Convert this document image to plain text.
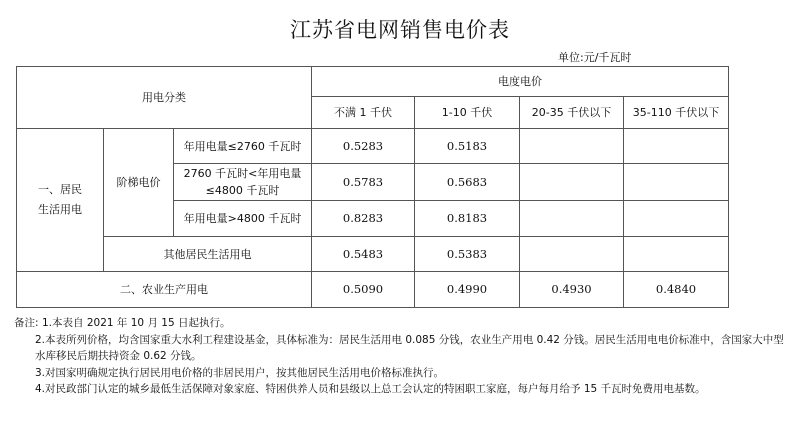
江苏省电网销售电价表
单位:元/千瓦时
用电分类			电度电价			
			不满 1 千伏	1-10 千伏	20-35 千伏以下	35-110 千伏以下

一、居民生活用电	阶梯电价	年用电量≤2760 千瓦时	0.5283	0.5183		

		2760 千瓦时<年用电量≤4800 千瓦时	0.5783	0.5683		
		年用电量>4800 千瓦时	0.8283	0.8183		
	其他居民生活用电		0.5483	0.5383		
二、农业生产用电			0.5090	0.4990	0.4930	0.4840
备注: 1.本表自 2021 年 10 月 15 日起执行。
2.本表所列价格，均含国家重大水利工程建设基金，具体标准为：居民生活用电 0.085 分钱，农业生产用电 0.42 分钱。居民生活用电电价标准中，含国家大中型水库移民后期扶持资金 0.62 分钱。
3.对国家明确规定执行居民用电价格的非居民用户，按其他居民生活用电价格标准执行。
4.对民政部门认定的城乡最低生活保障对象家庭、特困供养人员和县级以上总工会认定的特困职工家庭，每户每月给予 15 千瓦时免费用电基数。
